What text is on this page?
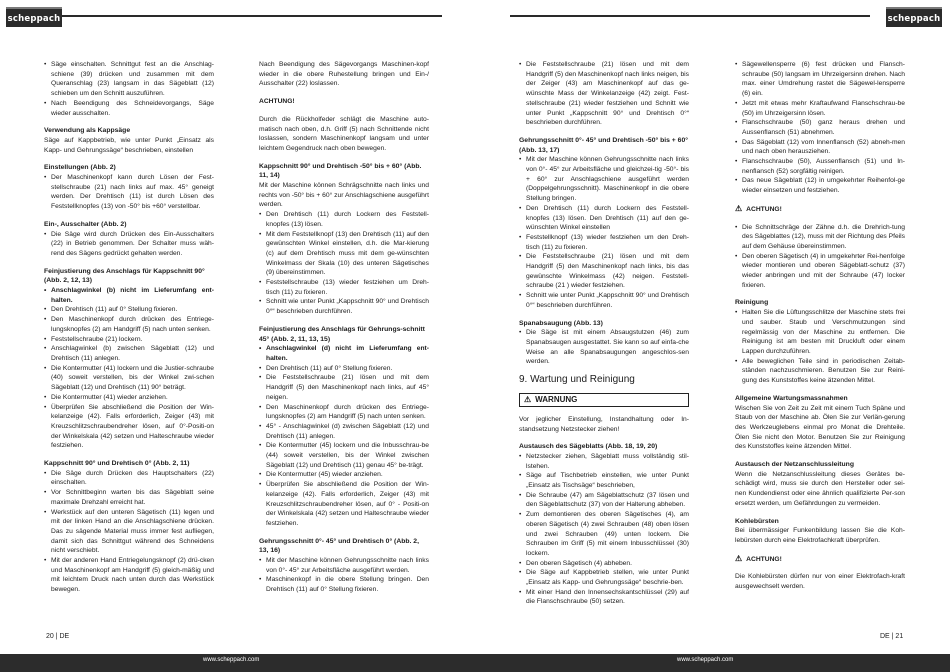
scheppach	scheppach
• Säge einschalten. Schnittgut fest an die Anschlag-schiene (39) drücken und zusammen mit dem Queranschlag (23) langsam in das Sägeblatt (12) schieben um den Schnitt auszuführen.
• Nach Beendigung des Schneidevorgangs, Säge wieder ausschalten.
Verwendung als Kappsäge

Säge auf Kappbetrieb, wie unter Punkt „Einsatz als Kapp- und Gehrungssäge“ beschrieben, einstellen

Einstellungen (Abb. 2)
• Der Maschinenkopf kann durch Lösen der Fest-stellschraube (21) nach links auf max. 45° geneigt werden. Der Drehtisch (11) ist durch Lösen des Feststellknopfes (13) von -50° bis +60° verstellbar.
Ein-, Ausschalter (Abb. 2)
• Die Säge wird durch Drücken des Ein-Ausschalters (22) in Betrieb genommen. Der Schalter muss wäh-rend des Sägens gedrückt gehalten werden.
Feinjustierung des Anschlags für Kappschnitt 90° (Abb. 2, 12, 13)
• Anschlagwinkel (b) nicht im Lieferumfang ent-halten.
• Den Drehtisch (11) auf 0° Stellung fixieren.
• Den Maschinenkopf durch drücken des Entriege-lungsknopfes (2) am Handgriff (5) nach unten senken.
• Feststellschraube (21) lockern.
• Anschlagwinkel (b) zwischen Sägeblatt (12) und Drehtisch (11) anlegen.
• Die Kontermutter (41) lockern und die Justier-schraube (40) soweit verstellen, bis der Winkel zwi-schen Sägeblatt (12) und Drehtisch (11) 90° beträgt.
• Die Kontermutter (41) wieder anziehen.
• Überprüfen Sie abschließend die Position der Win-kelanzeige (42). Falls erforderlich, Zeiger (43) mit Kreuzschlitzschraubendreher lösen, auf 0°-Positi-on der Winkelskala (42) setzen und Halteschraube wieder festziehen.
Kappschnitt 90° und Drehtisch 0° (Abb. 2, 11)
• Die Säge durch Drücken des Hauptschalters (22) einschalten.
• Vor Schnittbeginn warten bis das Sägeblatt seine maximale Drehzahl erreicht hat.
• Werkstück auf den unteren Sägetisch (11) legen und mit der linken Hand an die Anschlagschiene drücken. Das zu sägende Material muss immer fest aufliegen, damit sich das Schnittgut während des Schneidens nicht verschiebt.
• Mit der anderen Hand Entriegelungsknopf (2) drü-cken und Maschinenkopf am Handgriff (5) gleich-mäßig und mit leichtem Druck nach unten durch das Werkstück bewegen.

Nach Beendigung des Sägevorgangs Maschinen-kopf wieder in die obere Ruhestellung bringen und Ein-/ Ausschalter (22) loslassen.

ACHTUNG!

Durch die Rückholfeder schlägt die Maschine auto-matisch nach oben, d.h. Griff (5) nach Schnittende nicht loslassen, sondern Maschinenkopf langsam und unter leichtem Gegendruck nach oben bewegen.

Kappschnitt 90° und Drehtisch -50° bis + 60° (Abb. 11, 14)

Mit der Maschine können Schrägschnitte nach links und rechts von -50° bis + 60° zur Anschlagschiene ausgeführt werden.

• Den Drehtisch (11) durch Lockern des Feststell-knopfes (13) lösen.
• Mit dem Feststellknopf (13) den Drehtisch (11) auf den gewünschten Winkel einstellen, d.h. die Mar-kierung (c) auf dem Drehtisch muss mit dem ge-wünschten Winkelmass der Skala (10) des unteren Sägetisches (9) übereinstimmen.
• Feststellschraube (13) wieder festziehen um Dreh-tisch (11) zu fixieren.
• Schnitt wie unter Punkt „Kappschnitt 90° und Drehtisch 0°“ beschrieben durchführen.
Feinjustierung des Anschlags für Gehrungs-schnitt 45° (Abb. 2, 11, 13, 15)
• Anschlagwinkel (d) nicht im Lieferumfang ent-halten.
• Den Drehtisch (11) auf 0° Stellung fixieren.
• Die Feststellschraube (21) lösen und mit dem Handgriff (5) den Maschinenkopf nach links, auf 45° neigen.
• Den Maschinenkopf durch drücken des Entriege-lungsknopfes (2) am Handgriff (5) nach unten senken.
• 45° - Anschlagwinkel (d) zwischen Sägeblatt (12) und Drehtisch (11) anlegen.
• Die Kontermutter (45) lockern und die Inbusschrau-be (44) soweit verstellen, bis der Winkel zwischen Sägeblatt (12) und Drehtisch (11) genau 45° be-trägt.
• Die Kontermutter (45) wieder anziehen.
• Überprüfen Sie abschließend die Position der Win-kelanzeige (42). Falls erforderlich, Zeiger (43) mit Kreuzschlitzschraubendreher lösen, auf 0° - Positi-on der Winkelskala (42) setzen und Halteschraube wieder festziehen.
Gehrungsschnitt 0°- 45° und Drehtisch 0° (Abb. 2, 13, 16)
• Mit der Maschine können Gehrungsschnitte nach links von 0°- 45° zur Arbeitsfläche ausgeführt werden.
• Maschinenkopf in die obere Stellung bringen. Den Drehtisch (11) auf 0° Stellung fixieren.
• Die Feststellschraube (21) lösen und mit dem Handgriff (5) den Maschinenkopf nach links neigen, bis der Zeiger (43) am Maschinenkopf auf das ge-wünschte Mass der Winkelanzeige (42) zeigt. Fest-stellschraube (21) wieder festziehen und Schnitt wie unter Punkt „Kappschnitt 90° und Drehtisch 0°“ beschrieben durchführen.
Gehrungsschnitt 0°- 45° und Drehtisch -50° bis + 60° (Abb. 13, 17)
• Mit der Maschine können Gehrungsschnitte nach links von 0°- 45° zur Arbeitsfläche und gleichzei-tig -50°- bis + 60° zur Anschlagschiene ausgeführt werden (Doppelgehrungsschnitt). Maschinenkopf in die obere Stellung bringen.
• Den Drehtisch (11) durch Lockern des Feststell-knopfes (13) lösen. Den Drehtisch (11) auf den ge-wünschten Winkel einstellen
• Feststellknopf (13) wieder festziehen um den Dreh-tisch (11) zu fixieren.
• Die Feststellschraube (21) lösen und mit dem Handgriff (5) den Maschinenkopf nach links, bis das gewünschte Winkelmass (42) neigen. Feststell-schraube (21 ) wieder festziehen.
• Schnitt wie unter Punkt „Kappschnitt 90° und Drehtisch 0°“ beschrieben durchführen.
Spanabsaugung (Abb. 13)
• Die Säge ist mit einem Absaugstutzen (46) zum Spanabsaugen ausgestattet. Sie kann so auf einfa-che Weise an alle Spanabsaugungen angeschlos-sen werden.
9. Wartung und Reinigung
⚠ WARNUNG

Vor jeglicher Einstellung, Instandhaltung oder In-standsetzung Netzstecker ziehen!

Austausch des Sägeblatts (Abb. 18, 19, 20)
• Netzstecker ziehen, Sägeblatt muss vollständig stil-lstehen.
• Säge auf Tischbetrieb einstellen, wie unter Punkt „Einsatz als Tischsäge“ beschrieben,
• Die Schraube (47) am Sägeblattschutz (37 lösen und den Sägeblattschutz (37) von der Halterung abheben.
• Zum demontieren des oberen Sägetisches (4), am oberen Sägetisch (4) zwei Schrauben (48) oben lösen und zwei Schrauben (49) unten lockern. Die Schrauben im Griff (5) mit einem Inbusschlüssel (30) lockern.
• Den oberen Sägetisch (4) abheben.
• Die Säge auf Kappbetrieb stellen, wie unter Punkt „Einsatz als Kapp- und Gehrungssäge“ beschrie-ben.
• Mit einer Hand den Innensechskantschlüssel (29) auf die Flanschschraube (50) setzen.
• Sägewellensperre (6) fest drücken und Flansch-schraube (50) langsam im Uhrzeigersinn drehen. Nach max. einer Umdrehung rastet die Sägewel-lensperre (6) ein.
• Jetzt mit etwas mehr Kraftaufwand Flanschschrau-be (50) im Uhrzeigersinn lösen.
• Flanschschraube (50) ganz heraus drehen und Aussenflansch (51) abnehmen.
• Das Sägeblatt (12) vom Innenflansch (52) abneh-men und nach oben herausziehen.
• Flanschschraube (50), Aussenflansch (51) und In-nenflansch (52) sorgfältig reinigen.
• Das neue Sägeblatt (12) in umgekehrter Reihenfol-ge wieder einsetzen und festziehen.

⚠ ACHTUNG!

• Die Schnittschräge der Zähne d.h. die Drehrich-tung des Sägeblattes (12), muss mit der Richtung des Pfeils auf dem Gehäuse übereinstimmen.
• Den oberen Sägetisch (4) in umgekehrter Rei-henfolge wieder montieren und oberen Sägeblatt-schutz (37) wieder anbringen und mit der Schraube (47) locker fixieren.
Reinigung
• Halten Sie die Lüftungsschlitze der Maschine stets frei und sauber. Staub und Verschmutzungen sind regelmässig von der Maschine zu entfernen. Die Reinigung ist am besten mit Druckluft oder einem Lappen durchzuführen.
• Alle beweglichen Teile sind in periodischen Zeitab-ständen nachzuschmieren. Benutzen Sie zur Reini-gung des Kunststoffes keine ätzenden Mittel.
Allgemeine Wartungsmassnahmen

Wischen Sie von Zeit zu Zeit mit einem Tuch Späne und Staub von der Maschine ab. Ölen Sie zur Verlän-gerung des Werkzeuglebens einmal pro Monat die Drehteile. Ölen Sie nicht den Motor. Benutzen Sie zur Reinigung des Kunststoffes keine ätzenden Mittel.

Austausch der Netzanschlussleitung

Wenn die Netzanschlussleitung dieses Gerätes be-schädigt wird, muss sie durch den Hersteller oder sei-nen Kundendienst oder eine ähnlich qualifizierte Per-son ersetzt werden, um Gefährdungen zu vermeiden.

Kohlebürsten

Bei übermässiger Funkenbildung lassen Sie die Koh-lebürsten durch eine Elektrofachkraft überprüfen.

⚠ ACHTUNG!

Die Kohlebürsten dürfen nur von einer Elektrofach-kraft ausgewechselt werden.

20 | DE	DE | 21
www.scheppach.com	www.scheppach.com
